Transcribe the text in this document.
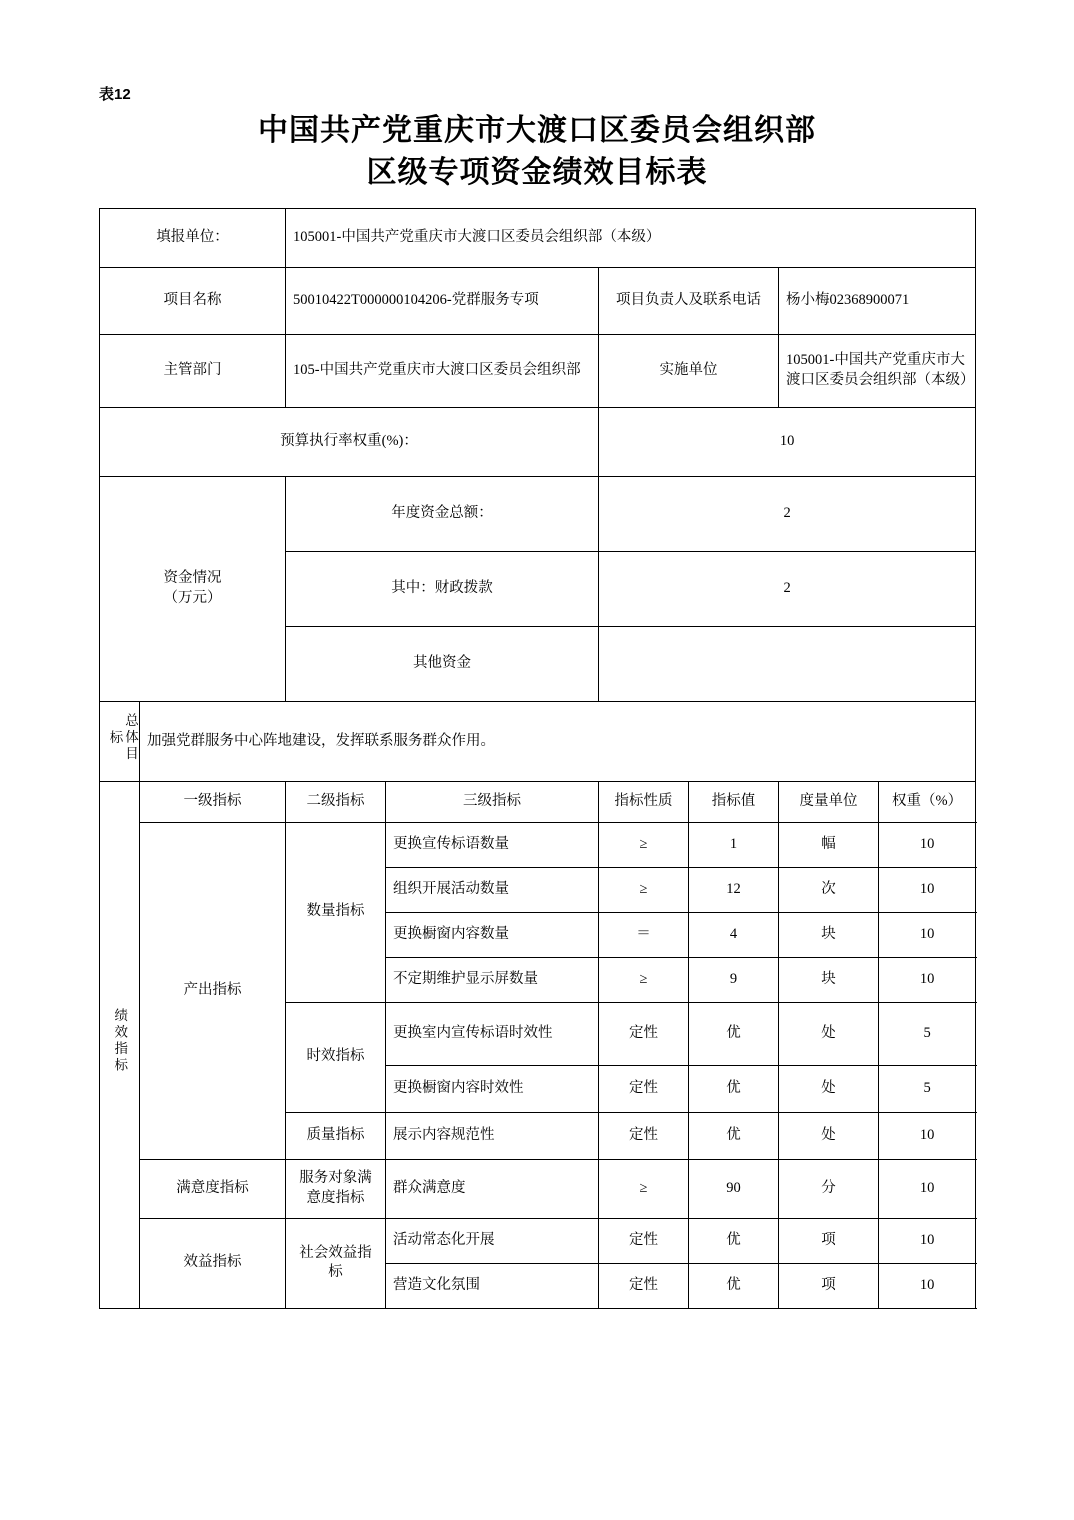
表12
中国共产党重庆市大渡口区委员会组织部
区级专项资金绩效目标表
填报单位：		105001-中国共产党重庆市大渡口区委员会组织部（本级）					
项目名称		50010422T000000104206-党群服务专项		项目负责人及联系电话		杨小梅02368900071	
主管部门		105-中国共产党重庆市大渡口区委员会组织部		实施单位		105001-中国共产党重庆市大渡口区委员会组织部（本级）	
预算执行率权重(%)：				10			

资金情况
（万元）		年度资金总额：		2			
		其中：财政拨款		2			
		其他资金					
总体目标	加强党群服务中心阵地建设，发挥联系服务群众作用。						
绩效指标	一级指标	二级指标	三级指标	指标性质	指标值	度量单位	权重（%）
	产出指标	数量指标	更换宣传标语数量	≥	1	幅	10
			组织开展活动数量	≥	12	次	10
			更换橱窗内容数量	＝	4	块	10
			不定期维护显示屏数量	≥	9	块	10
		时效指标	更换室内宣传标语时效性	定性	优	处	5
			更换橱窗内容时效性	定性	优	处	5
		质量指标	展示内容规范性	定性	优	处	10
	满意度指标	服务对象满意度指标	群众满意度	≥	90	分	10
	效益指标	社会效益指标	活动常态化开展	定性	优	项	10
			营造文化氛围	定性	优	项	10
